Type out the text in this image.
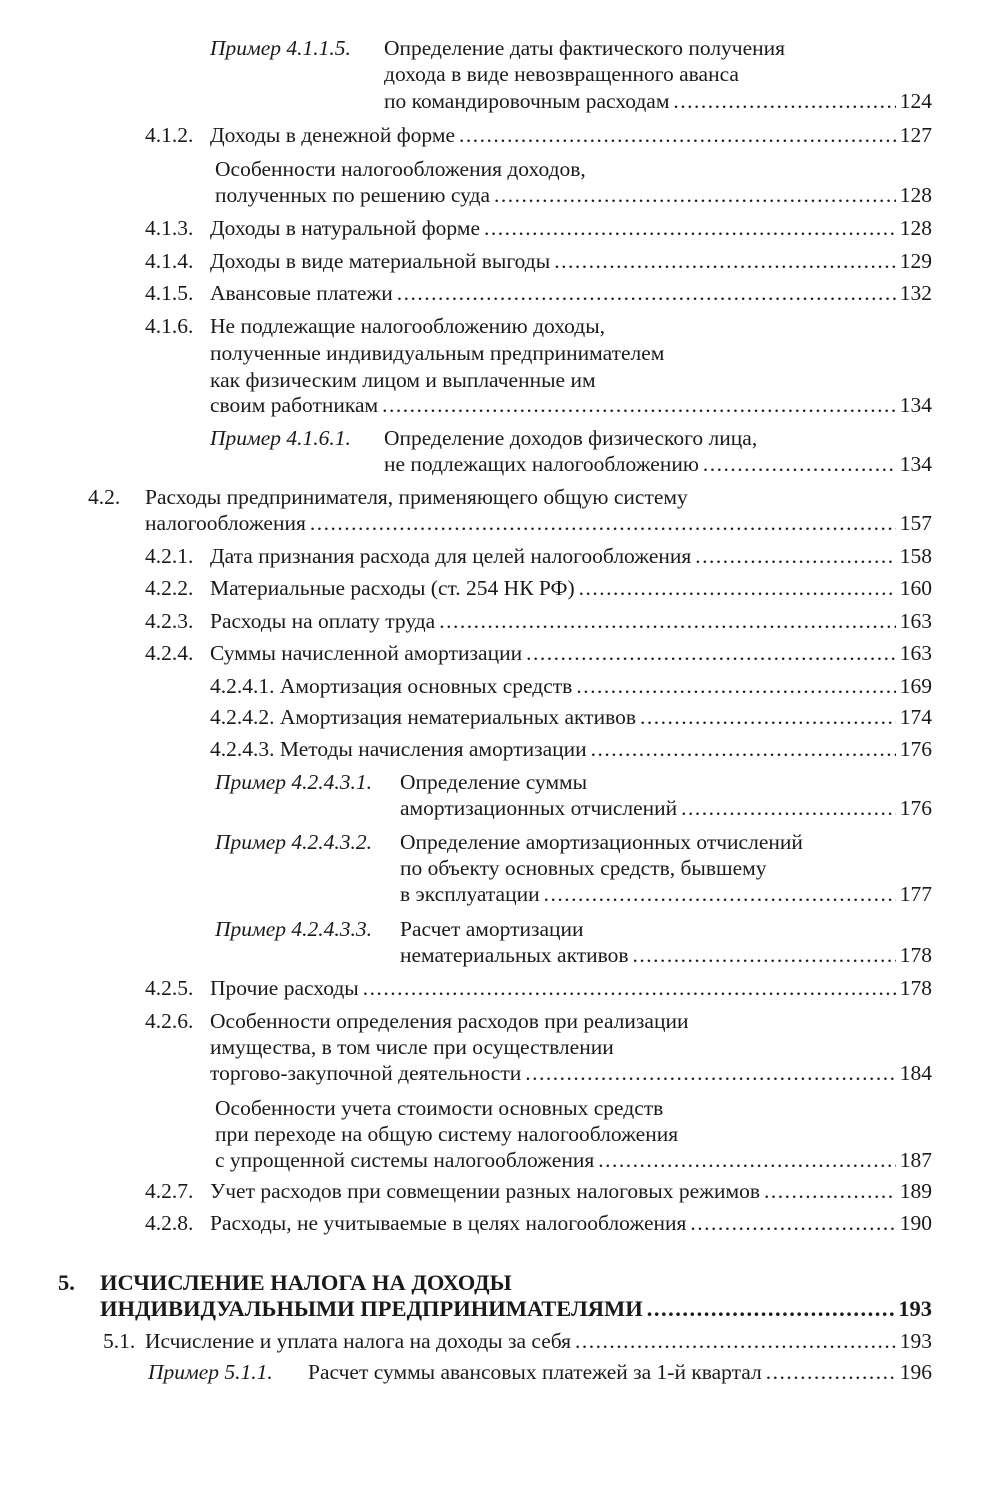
Пример 4.1.1.5. Определение даты фактического получения
дохода в виде невозвращенного аванса
по командировочным расходам .....	124
4.1.2. Доходы в денежной форме .....	127
Особенности налогообложения доходов,
полученных по решению суда .....	128
4.1.3. Доходы в натуральной форме .....	128
4.1.4. Доходы в виде материальной выгоды .....	129
4.1.5. Авансовые платежи .....	132
4.1.6. Не подлежащие налогообложению доходы,
полученные индивидуальным предпринимателем
как физическим лицом и выплаченные им
своим работникам .....	134
Пример 4.1.6.1. Определение доходов физического лица,
не подлежащих налогообложению .....	134
4.2. Расходы предпринимателя, применяющего общую систему
налогообложения .....	157
4.2.1. Дата признания расхода для целей налогообложения .....	158
4.2.2. Материальные расходы (ст. 254 НК РФ) .....	160
4.2.3. Расходы на оплату труда .....	163
4.2.4. Суммы начисленной амортизации .....	163
4.2.4.1. Амортизация основных средств .....	169
4.2.4.2. Амортизация нематериальных активов .....	174
4.2.4.3. Методы начисления амортизации .....	176
Пример 4.2.4.3.1. Определение суммы
амортизационных отчислений .....	176
Пример 4.2.4.3.2. Определение амортизационных отчислений
по объекту основных средств, бывшему
в эксплуатации .....	177
Пример 4.2.4.3.3. Расчет амортизации
нематериальных активов .....	178
4.2.5. Прочие расходы .....	178
4.2.6. Особенности определения расходов при реализации
имущества, в том числе при осуществлении
торгово-закупочной деятельности .....	184
Особенности учета стоимости основных средств
при переходе на общую систему налогообложения
с упрощенной системы налогообложения .....	187
4.2.7. Учет расходов при совмещении разных налоговых режимов .....	189
4.2.8. Расходы, не учитываемые в целях налогообложения .....	190
5. ИСЧИСЛЕНИЕ НАЛОГА НА ДОХОДЫ
ИНДИВИДУАЛЬНЫМИ ПРЕДПРИНИМАТЕЛЯМИ .....	193
5.1. Исчисление и уплата налога на доходы за себя .....	193
Пример 5.1.1. Расчет суммы авансовых платежей за 1-й квартал .....	196
